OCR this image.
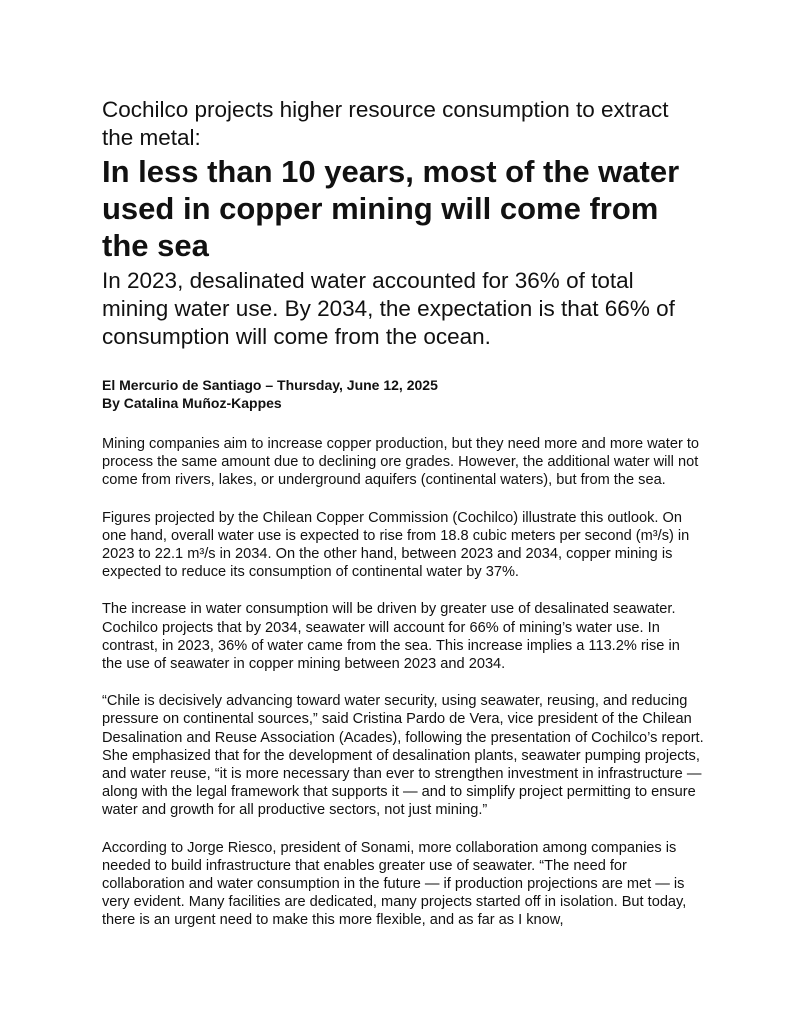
Cochilco projects higher resource consumption to extract the metal:
In less than 10 years, most of the water used in copper mining will come from the sea
In 2023, desalinated water accounted for 36% of total mining water use. By 2034, the expectation is that 66% of consumption will come from the ocean.
El Mercurio de Santiago – Thursday, June 12, 2025
By Catalina Muñoz-Kappes

Mining companies aim to increase copper production, but they need more and more water to process the same amount due to declining ore grades. However, the additional water will not come from rivers, lakes, or underground aquifers (continental waters), but from the sea.

Figures projected by the Chilean Copper Commission (Cochilco) illustrate this outlook. On one hand, overall water use is expected to rise from 18.8 cubic meters per second (m³/s) in 2023 to 22.1 m³/s in 2034. On the other hand, between 2023 and 2034, copper mining is expected to reduce its consumption of continental water by 37%.

The increase in water consumption will be driven by greater use of desalinated seawater. Cochilco projects that by 2034, seawater will account for 66% of mining’s water use. In contrast, in 2023, 36% of water came from the sea. This increase implies a 113.2% rise in the use of seawater in copper mining between 2023 and 2034.

“Chile is decisively advancing toward water security, using seawater, reusing, and reducing pressure on continental sources,” said Cristina Pardo de Vera, vice president of the Chilean Desalination and Reuse Association (Acades), following the presentation of Cochilco’s report. She emphasized that for the development of desalination plants, seawater pumping projects, and water reuse, “it is more necessary than ever to strengthen investment in infrastructure — along with the legal framework that supports it — and to simplify project permitting to ensure water and growth for all productive sectors, not just mining.”

According to Jorge Riesco, president of Sonami, more collaboration among companies is needed to build infrastructure that enables greater use of seawater. “The need for collaboration and water consumption in the future — if production projections are met — is very evident. Many facilities are dedicated, many projects started off in isolation. But today, there is an urgent need to make this more flexible, and as far as I know,
